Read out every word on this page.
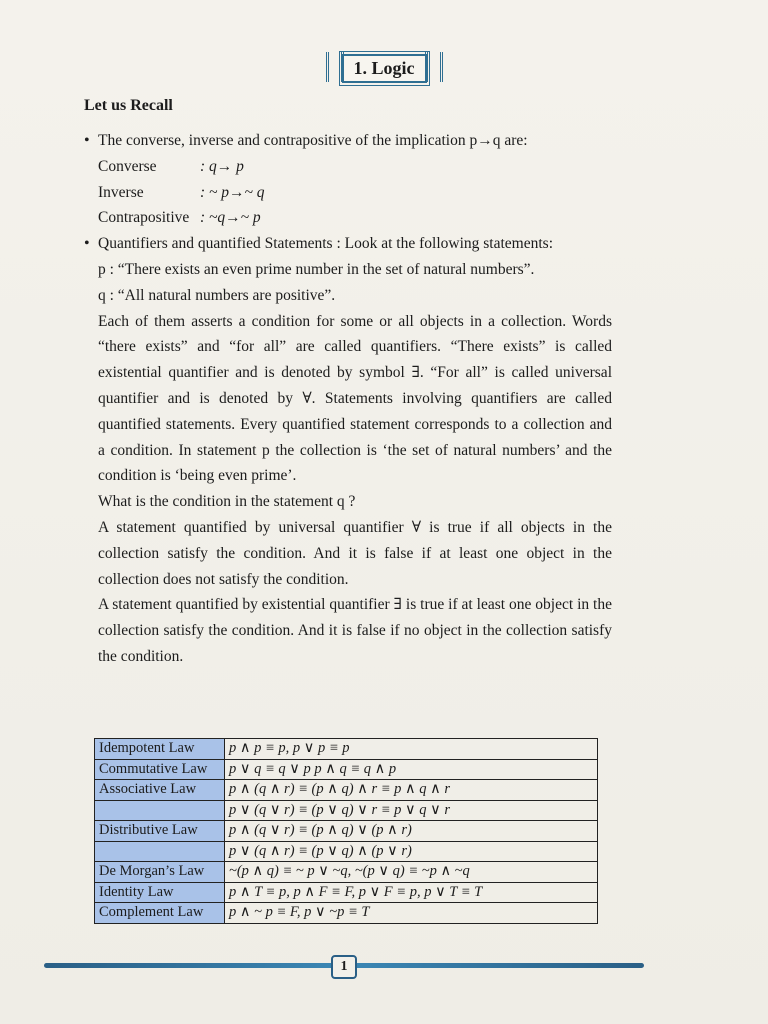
1. Logic
Let us Recall
• The converse, inverse and contrapositive of the implication p→q are:
Converse	: q→ p
Inverse	: ~ p→~ q
Contrapositive : ~q→~ p
• Quantifiers and quantified Statements : Look at the following statements:
p : “There exists an even prime number in the set of natural numbers”.
q : “All natural numbers are positive”.
Each of them asserts a condition for some or all objects in a collection. Words “there exists” and “for all” are called quantifiers. “There exists” is called existential quantifier and is denoted by symbol ∃. “For all” is called universal quantifier and is denoted by ∀. Statements involving quantifiers are called quantified statements. Every quantified statement corresponds to a collection and a condition. In statement p the collection is ‘the set of natural numbers’ and the condition is ‘being even prime’.
What is the condition in the statement q ?
A statement quantified by universal quantifier ∀ is true if all objects in the collection satisfy the condition. And it is false if at least one object in the collection does not satisfy the condition.
A statement quantified by existential quantifier ∃ is true if at least one object in the collection satisfy the condition. And it is false if no object in the collection satisfy the condition.
Idempotent Law	p ∧ p ≡ p, p ∨ p ≡ p
Commutative Law	p ∨ q ≡ q ∨ p p ∧ q ≡ q ∧ p
Associative Law	p ∧ (q ∧ r) ≡ (p ∧ q) ∧ r ≡ p ∧ q ∧ r
	p ∨ (q ∨ r) ≡ (p ∨ q) ∨ r ≡ p ∨ q ∨ r
Distributive Law	p ∧ (q ∨ r) ≡ (p ∧ q) ∨ (p ∧ r)
	p ∨ (q ∧ r) ≡ (p ∨ q) ∧ (p ∨ r)
De Morgan’s Law	~(p ∧ q) ≡ ~ p ∨ ~q, ~(p ∨ q) ≡ ~p ∧ ~q
Identity Law	p ∧ T ≡ p, p ∧ F ≡ F, p ∨ F ≡ p, p ∨ T ≡ T
Complement Law	p ∧ ~ p ≡ F, p ∨ ~p ≡ T
1
